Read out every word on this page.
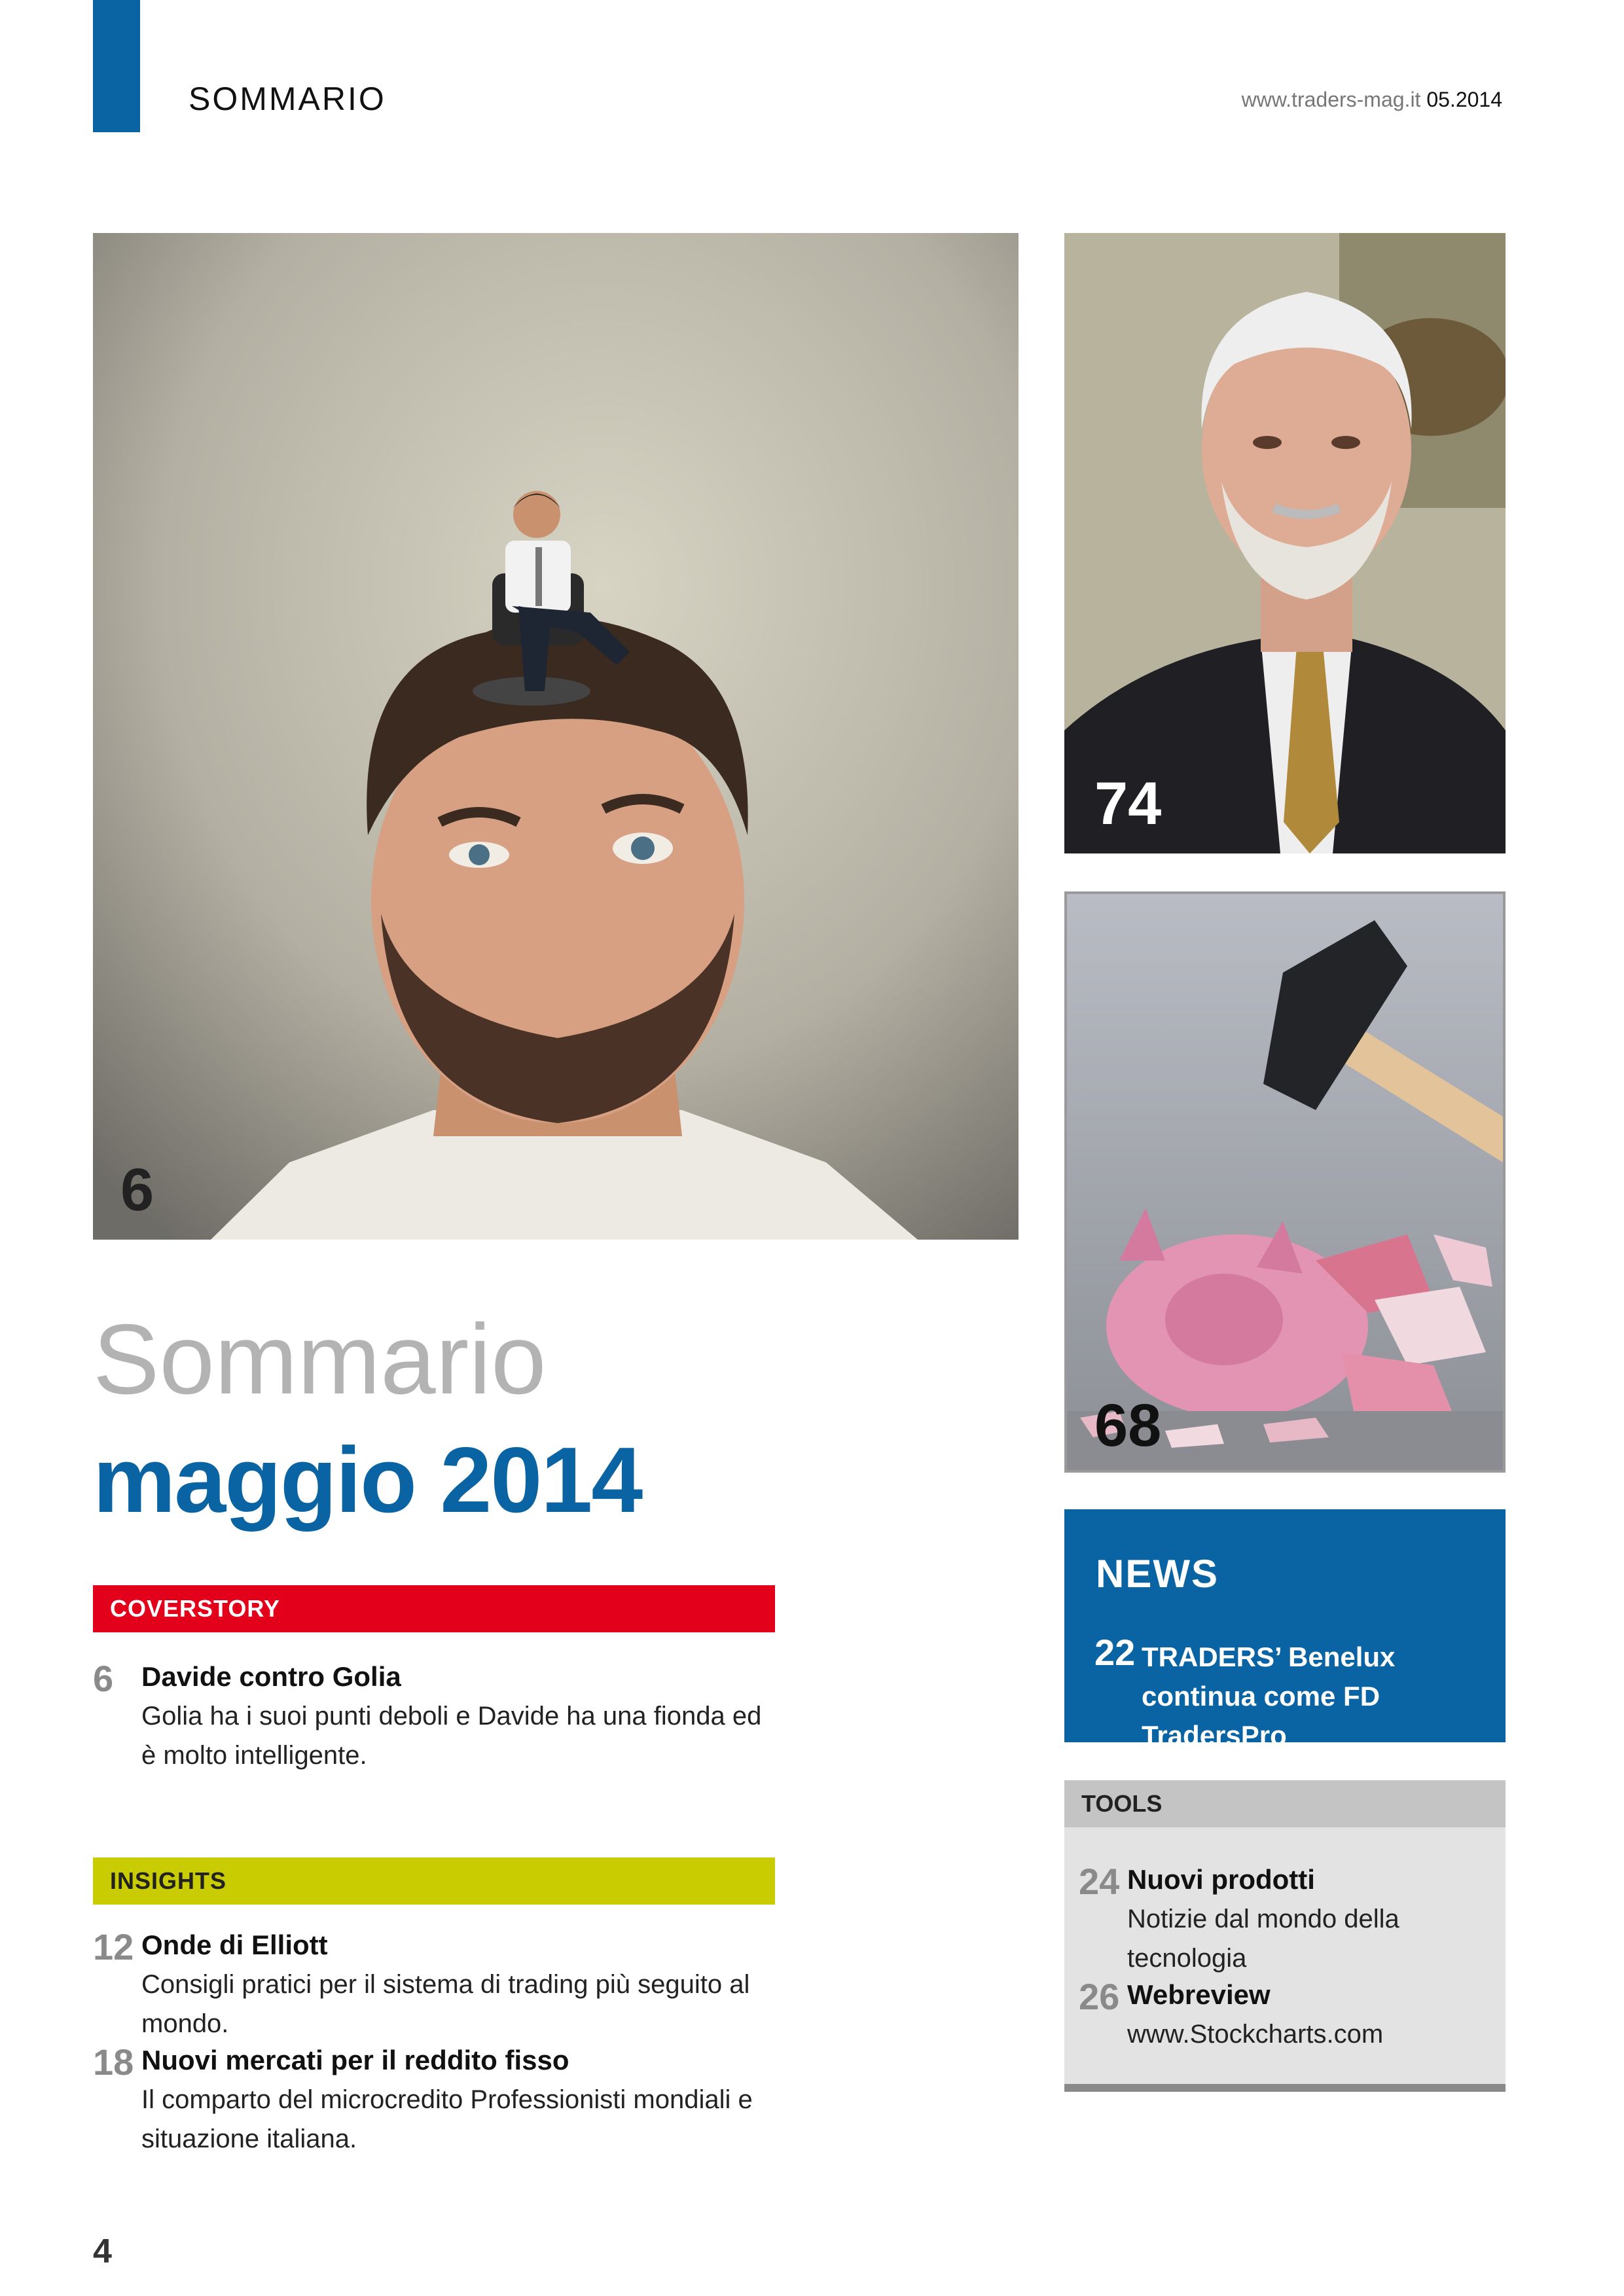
SOMMARIO	www.traders-mag.it 05.2014
6
74
68
Sommario
maggio 2014
COVERSTORY
6 Davide contro Golia
Golia ha i suoi punti deboli e Davide ha una fionda ed è molto intelligente.
INSIGHTS
12 Onde di Elliott
Consigli pratici per il sistema di trading più seguito al mondo.
18 Nuovi mercati per il reddito fisso
Il comparto del microcredito Professionisti mondiali e situazione italiana.
NEWS
22 TRADERS’ Benelux continua come FD TradersPro
TOOLS
24 Nuovi prodotti
Notizie dal mondo della tecnologia
26 Webreview
www.Stockcharts.com
4
